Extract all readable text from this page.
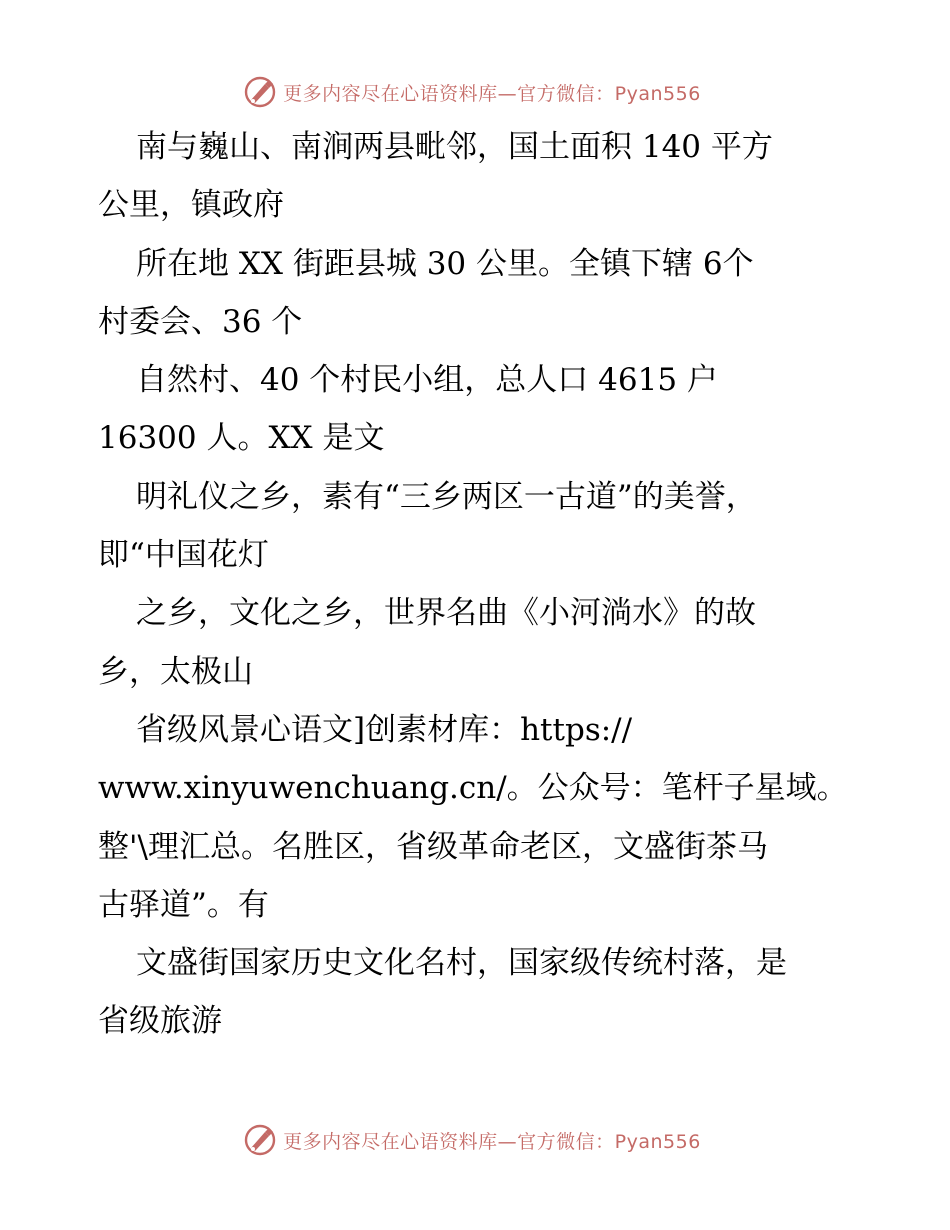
更多内容尽在心语资料库—官方微信：Pyan556
南与巍山、南涧两县毗邻，国土面积 140 平方
公里，镇政府
所在地 XX 街距县城 30 公里。全镇下辖 6个
村委会、36 个
自然村、40 个村民小组，总人口 4615 户
16300 人。XX 是文
明礼仪之乡，素有“三乡两区一古道”的美誉，
即“中国花灯
之乡，文化之乡，世界名曲《小河淌水》的故
乡，太极山
省级风景心语文]创素材库：https://
www.xinyuwenchuang.cn/。公众号：笔杆子星域。
整'\理汇总。名胜区，省级革命老区，文盛街茶马
古驿道”。有
文盛街国家历史文化名村，国家级传统村落，是
省级旅游
更多内容尽在心语资料库—官方微信：Pyan556
